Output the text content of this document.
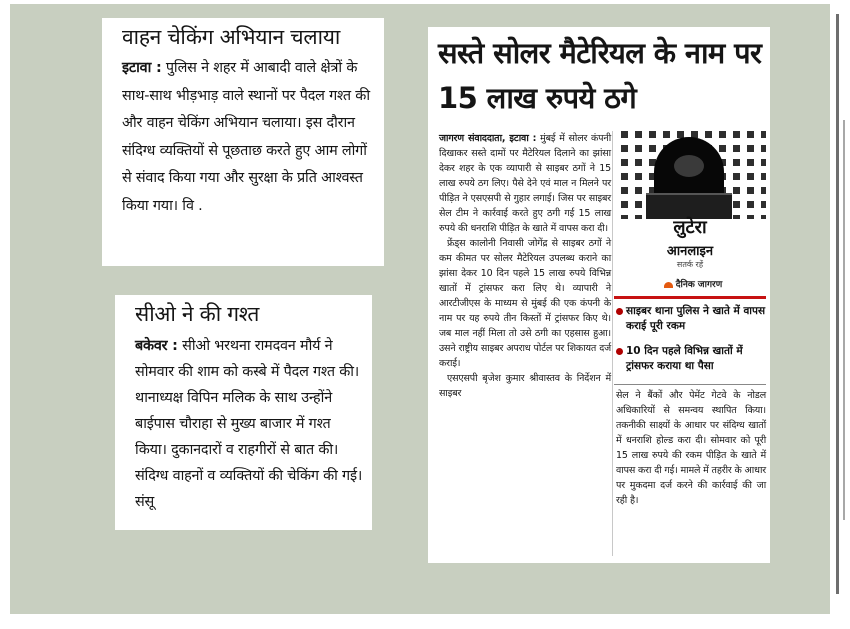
वाहन चेकिंग अभियान चलाया
इटावा : पुलिस ने शहर में आबादी वाले क्षेत्रों के साथ-साथ भीड़भाड़ वाले स्थानों पर पैदल गश्त की और वाहन चेकिंग अभियान चलाया। इस दौरान संदिग्ध व्यक्तियों से पूछताछ करते हुए आम लोगों से संवाद किया गया और सुरक्षा के प्रति आश्वस्त किया गया। वि .
सीओ ने की गश्त
बकेवर : सीओ भरथना रामदवन मौर्य ने सोमवार की शाम को कस्बे में पैदल गश्त की। थानाध्यक्ष विपिन मलिक के साथ उन्होंने बाईपास चौराहा से मुख्य बाजार में गश्त किया। दुकानदारों व राहगीरों से बात की। संदिग्ध वाहनों व व्यक्तियों की चेकिंग की गई। संसू
सस्ते सोलर मैटेरियल के नाम पर 15 लाख रुपये ठगे

जागरण संवाददाता, इटावा : मुंबई में सोलर कंपनी दिखाकर सस्ते दामों पर मैटेरियल दिलाने का झांसा देकर शहर के एक व्यापारी से साइबर ठगों ने 15 लाख रुपये ठग लिए। पैसे देने एवं माल न मिलने पर पीड़ित ने एसएसपी से गुहार लगाई। जिस पर साइबर सेल टीम ने कार्रवाई करते हुए ठगी गई 15 लाख रुपये की धनराशि पीड़ित के खाते में वापस करा दी।

फ्रेंड्स कालोनी निवासी जोगेंद्र से साइबर ठगों ने कम कीमत पर सोलर मैटेरियल उपलब्ध कराने का झांसा देकर 10 दिन पहले 15 लाख रुपये विभिन्न खातों में ट्रांसफर करा लिए थे। व्यापारी ने आरटीजीएस के माध्यम से मुंबई की एक कंपनी के नाम पर यह रुपये तीन किस्तों में ट्रांसफर किए थे। जब माल नहीं मिला तो उसे ठगी का एहसास हुआ। उसने राष्ट्रीय साइबर अपराध पोर्टल पर शिकायत दर्ज कराई।

एसएसपी बृजेश कुमार श्रीवास्तव के निर्देशन में साइबर

लुटेरा
आनलाइन
सतर्क रहें
दैनिक जागरण
साइबर थाना पुलिस ने खाते में वापस कराई पूरी रकम
10 दिन पहले विभिन्न खातों में ट्रांसफर कराया था पैसा
सेल ने बैंकों और पेमेंट गेटवे के नोडल अधिकारियों से समन्वय स्थापित किया। तकनीकी साक्ष्यों के आधार पर संदिग्ध खातों में धनराशि होल्ड करा दी। सोमवार को पूरी 15 लाख रुपये की रकम पीड़ित के खाते में वापस करा दी गई। मामले में तहरीर के आधार पर मुकदमा दर्ज करने की कार्रवाई की जा रही है।
